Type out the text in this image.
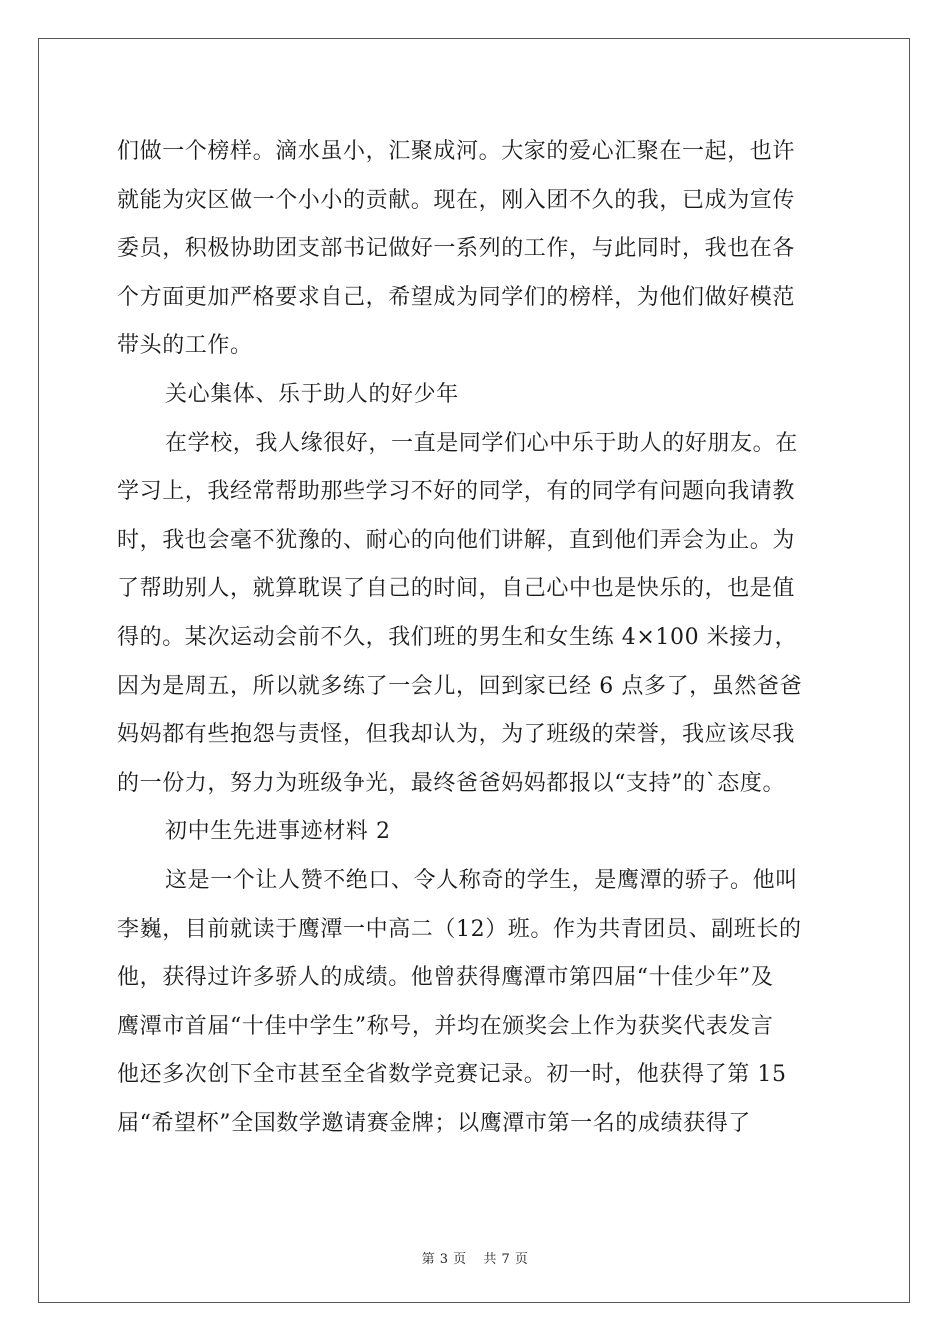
们做一个榜样。滴水虽小，汇聚成河。大家的爱心汇聚在一起，也许
就能为灾区做一个小小的贡献。现在，刚入团不久的我，已成为宣传
委员，积极协助团支部书记做好一系列的工作，与此同时，我也在各
个方面更加严格要求自己，希望成为同学们的榜样，为他们做好模范
带头的工作。
关心集体、乐于助人的好少年
在学校，我人缘很好，一直是同学们心中乐于助人的好朋友。在
学习上，我经常帮助那些学习不好的同学，有的同学有问题向我请教
时，我也会毫不犹豫的、耐心的向他们讲解，直到他们弄会为止。为
了帮助别人，就算耽误了自己的时间，自己心中也是快乐的，也是值
得的。某次运动会前不久，我们班的男生和女生练 4×100 米接力，
因为是周五，所以就多练了一会儿，回到家已经 6 点多了，虽然爸爸
妈妈都有些抱怨与责怪，但我却认为，为了班级的荣誉，我应该尽我
的一份力，努力为班级争光，最终爸爸妈妈都报以“支持”的`态度。
初中生先进事迹材料 2
这是一个让人赞不绝口、令人称奇的学生，是鹰潭的骄子。他叫
李巍，目前就读于鹰潭一中高二（12）班。作为共青团员、副班长的
他，获得过许多骄人的成绩。他曾获得鹰潭市第四届“十佳少年”及
鹰潭市首届“十佳中学生”称号，并均在颁奖会上作为获奖代表发言
他还多次创下全市甚至全省数学竞赛记录。初一时，他获得了第 15
届“希望杯”全国数学邀请赛金牌；以鹰潭市第一名的成绩获得了
第 3 页 共 7 页
